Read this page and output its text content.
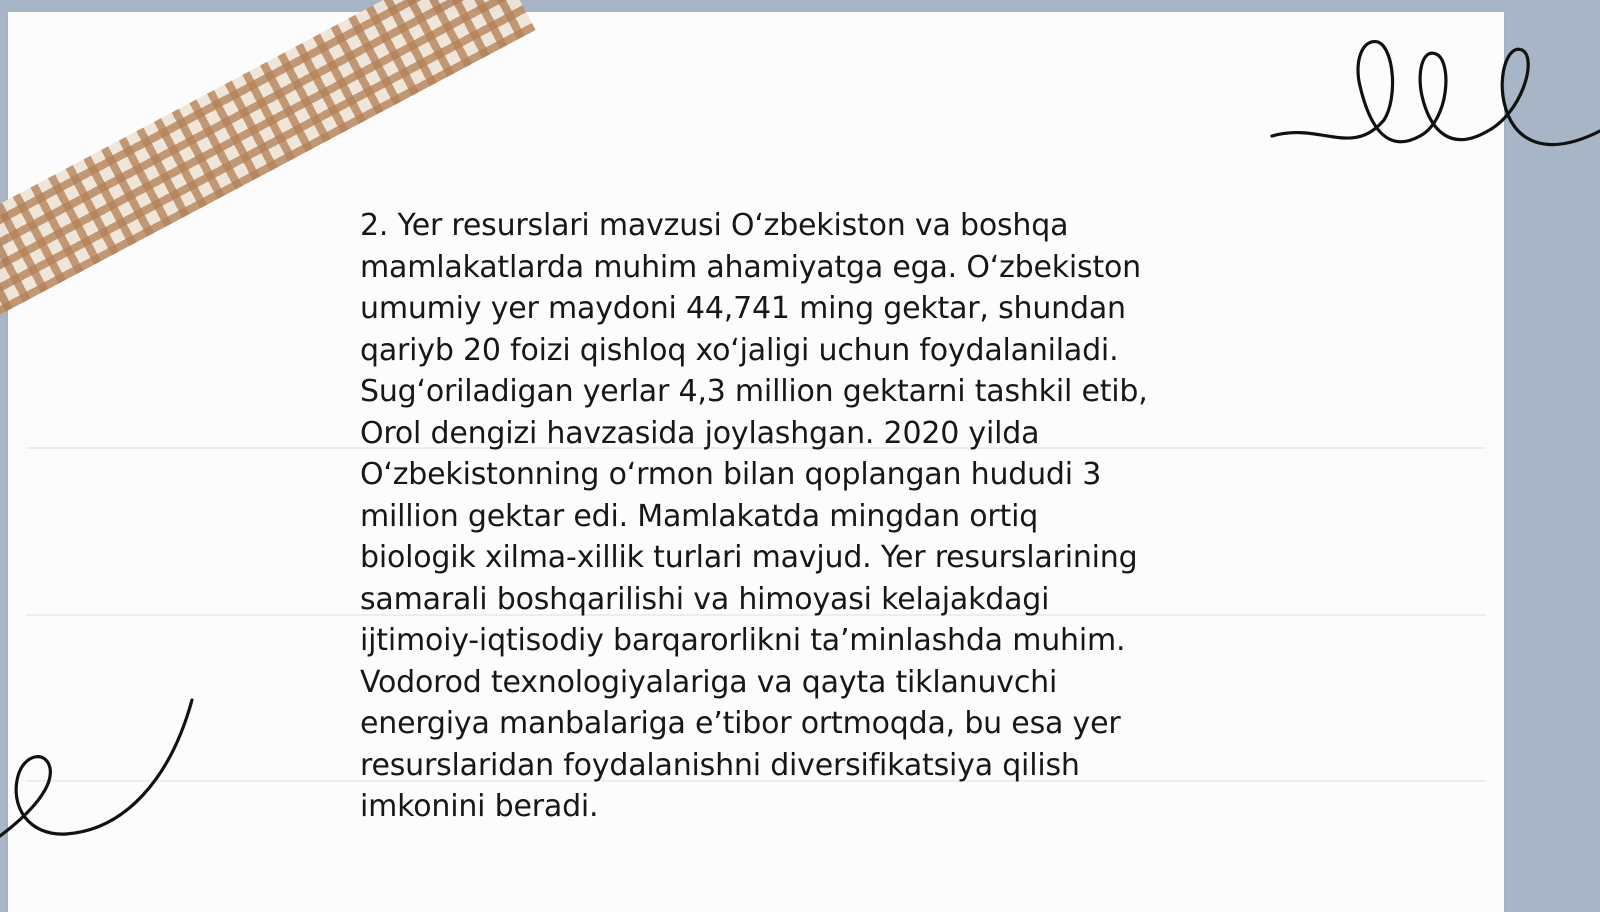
2. Yer resurslari mavzusi O‘zbekiston va boshqa
mamlakatlarda muhim ahamiyatga ega. O‘zbekiston
umumiy yer maydoni 44,741 ming gektar, shundan
qariyb 20 foizi qishloq xo‘jaligi uchun foydalaniladi.
Sug‘oriladigan yerlar 4,3 million gektarni tashkil etib,
Orol dengizi havzasida joylashgan. 2020 yilda
O‘zbekistonning o‘rmon bilan qoplangan hududi 3
million gektar edi. Mamlakatda mingdan ortiq
biologik xilma-xillik turlari mavjud. Yer resurslarining
samarali boshqarilishi va himoyasi kelajakdagi
ijtimoiy-iqtisodiy barqarorlikni ta’minlashda muhim.
Vodorod texnologiyalariga va qayta tiklanuvchi
energiya manbalariga e’tibor ortmoqda, bu esa yer
resurslaridan foydalanishni diversifikatsiya qilish
imkonini beradi.
